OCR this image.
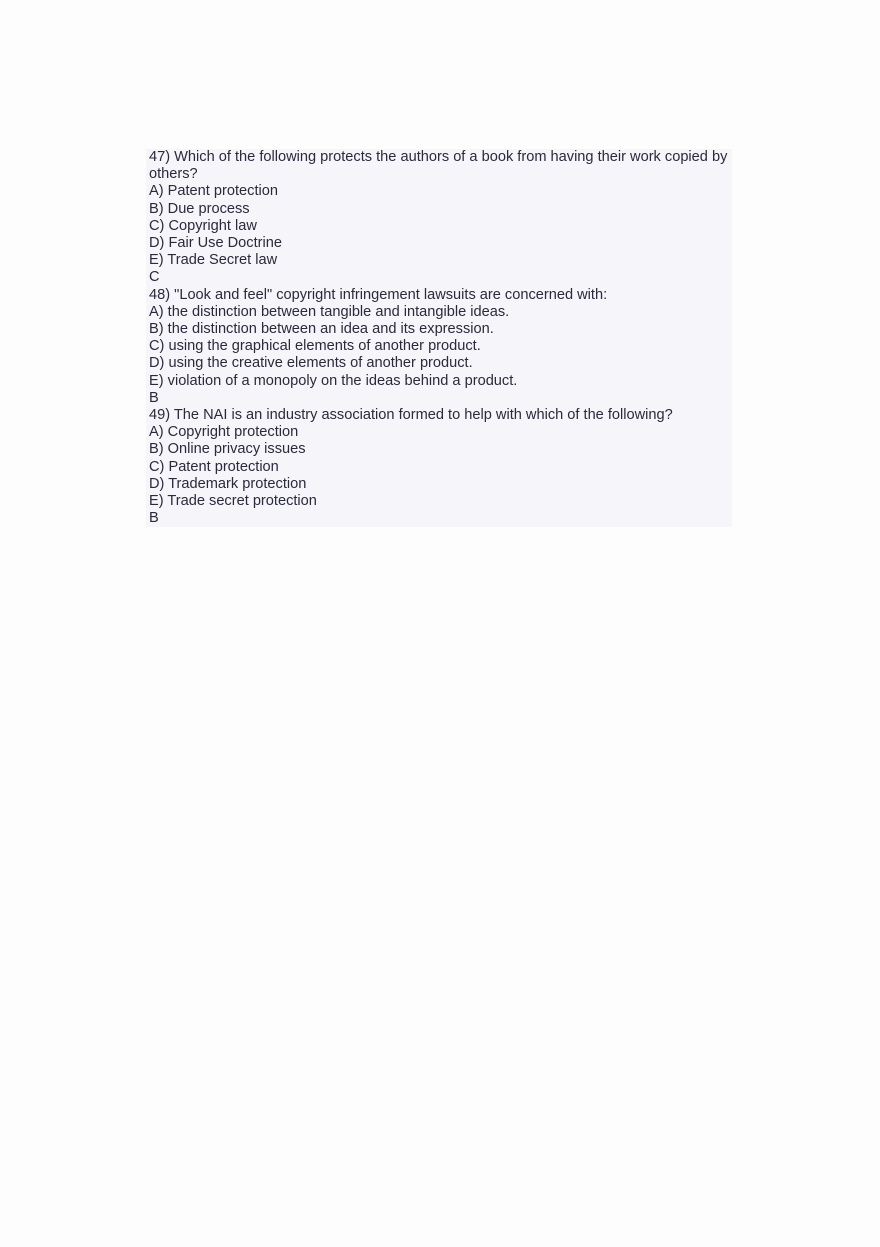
47) Which of the following protects the authors of a book from having their work copied by others?
A) Patent protection
B) Due process
C) Copyright law
D) Fair Use Doctrine
E) Trade Secret law
C
48) "Look and feel" copyright infringement lawsuits are concerned with:
A) the distinction between tangible and intangible ideas.
B) the distinction between an idea and its expression.
C) using the graphical elements of another product.
D) using the creative elements of another product.
E) violation of a monopoly on the ideas behind a product.
B
49) The NAI is an industry association formed to help with which of the following?
A) Copyright protection
B) Online privacy issues
C) Patent protection
D) Trademark protection
E) Trade secret protection
B
